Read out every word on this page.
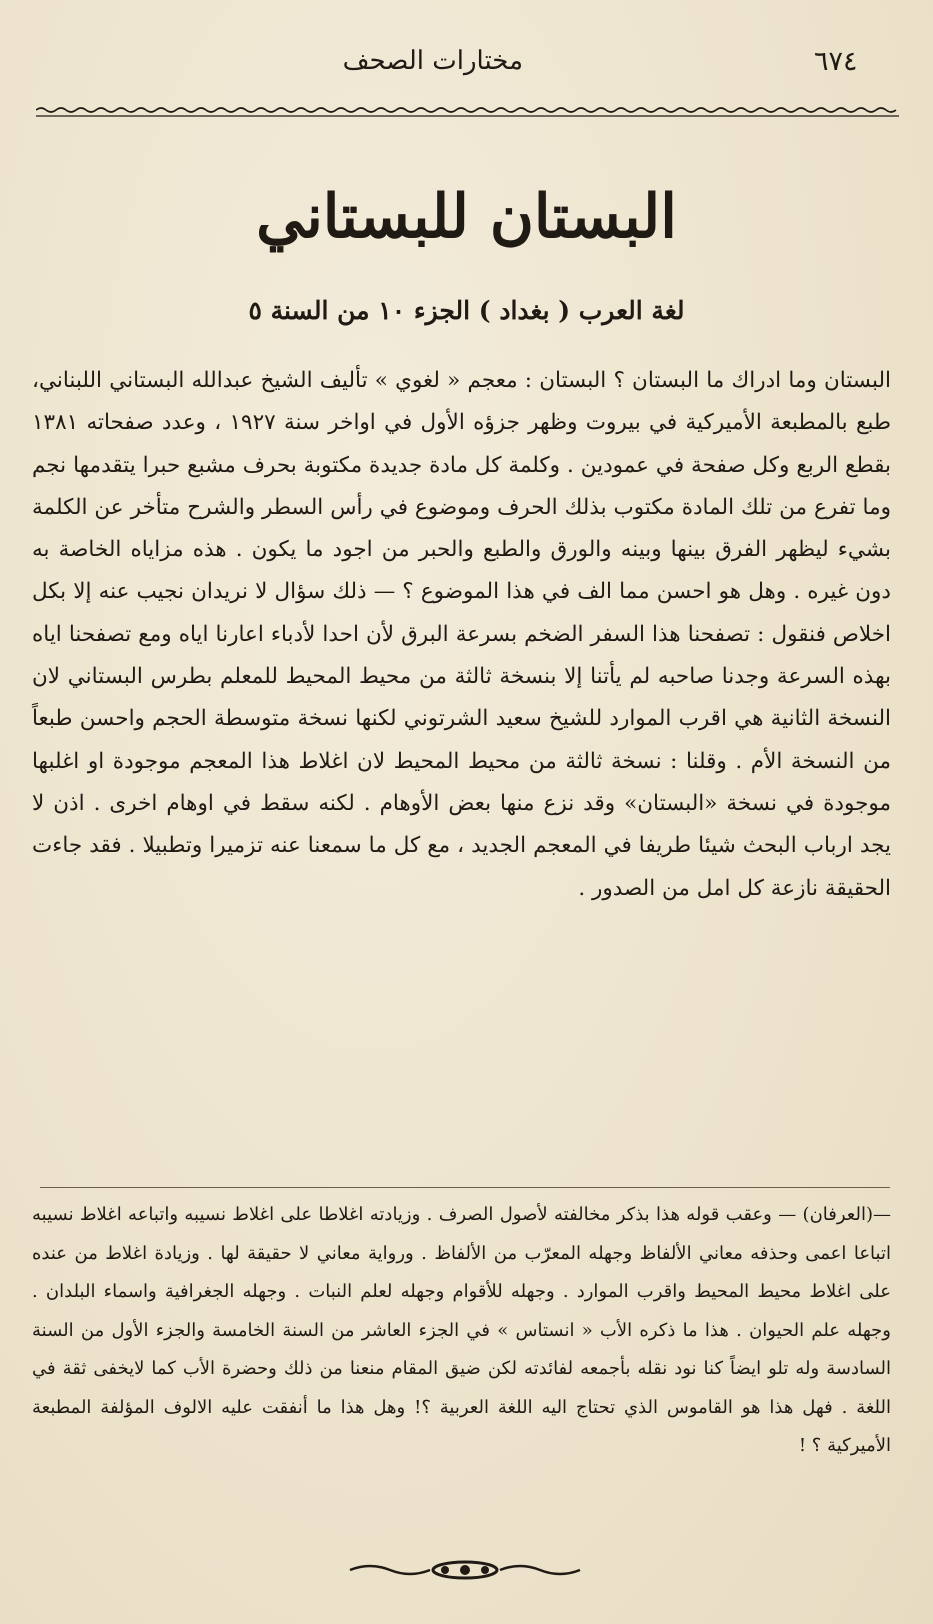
مختارات الصحف	٦٧٤
البستان للبستاني
لغة العرب ( بغداد ) الجزء ١٠ من السنة ٥
البستان وما ادراك ما البستان ؟ البستان : معجم « لغوي » تأليف الشيخ عبدالله البستاني اللبناني، طبع بالمطبعة الأميركية في بيروت وظهر جزؤه الأول في اواخر سنة ١٩٢٧ ، وعدد صفحاته ١٣٨١ بقطع الربع وكل صفحة في عمودين . وكلمة كل مادة جديدة مكتوبة بحرف مشبع حبرا يتقدمها نجم وما تفرع من تلك المادة مكتوب بذلك الحرف وموضوع في رأس السطر والشرح متأخر عن الكلمة بشيء ليظهر الفرق بينها وبينه والورق والطبع والحبر من اجود ما يكون . هذه مزاياه الخاصة به دون غيره . وهل هو احسن مما الف في هذا الموضوع ؟ — ذلك سؤال لا نريدان نجيب عنه إلا بكل اخلاص فنقول : تصفحنا هذا السفر الضخم بسرعة البرق لأن احدا لأدباء اعارنا اياه ومع تصفحنا اياه بهذه السرعة وجدنا صاحبه لم يأتنا إلا بنسخة ثالثة من محيط المحيط للمعلم بطرس البستاني لان النسخة الثانية هي اقرب الموارد للشيخ سعيد الشرتوني لكنها نسخة متوسطة الحجم واحسن طبعاً من النسخة الأم . وقلنا : نسخة ثالثة من محيط المحيط لان اغلاط هذا المعجم موجودة او اغلبها موجودة في نسخة «البستان» وقد نزع منها بعض الأوهام . لكنه سقط في اوهام اخرى . اذن لا يجد ارباب البحث شيئا طريفا في المعجم الجديد ، مع كل ما سمعنا عنه تزميرا وتطبيلا . فقد جاءت الحقيقة نازعة كل امل من الصدور .
—(العرفان) — وعقب قوله هذا بذكر مخالفته لأصول الصرف . وزيادته اغلاطا على اغلاط نسيبه واتباعه اغلاط نسيبه اتباعا اعمى وحذفه معاني الألفاظ وجهله المعرّب من الألفاظ . ورواية معاني لا حقيقة لها . وزيادة اغلاط من عنده على اغلاط محيط المحيط واقرب الموارد . وجهله للأقوام وجهله لعلم النبات . وجهله الجغرافية واسماء البلدان . وجهله علم الحيوان . هذا ما ذكره الأب « انستاس » في الجزء العاشر من السنة الخامسة والجزء الأول من السنة السادسة وله تلو ايضاً كنا نود نقله بأجمعه لفائدته لكن ضيق المقام منعنا من ذلك وحضرة الأب كما لايخفى ثقة في اللغة . فهل هذا هو القاموس الذي تحتاج اليه اللغة العربية ؟! وهل هذا ما أنفقت عليه الالوف المؤلفة المطبعة الأميركية ؟ !
